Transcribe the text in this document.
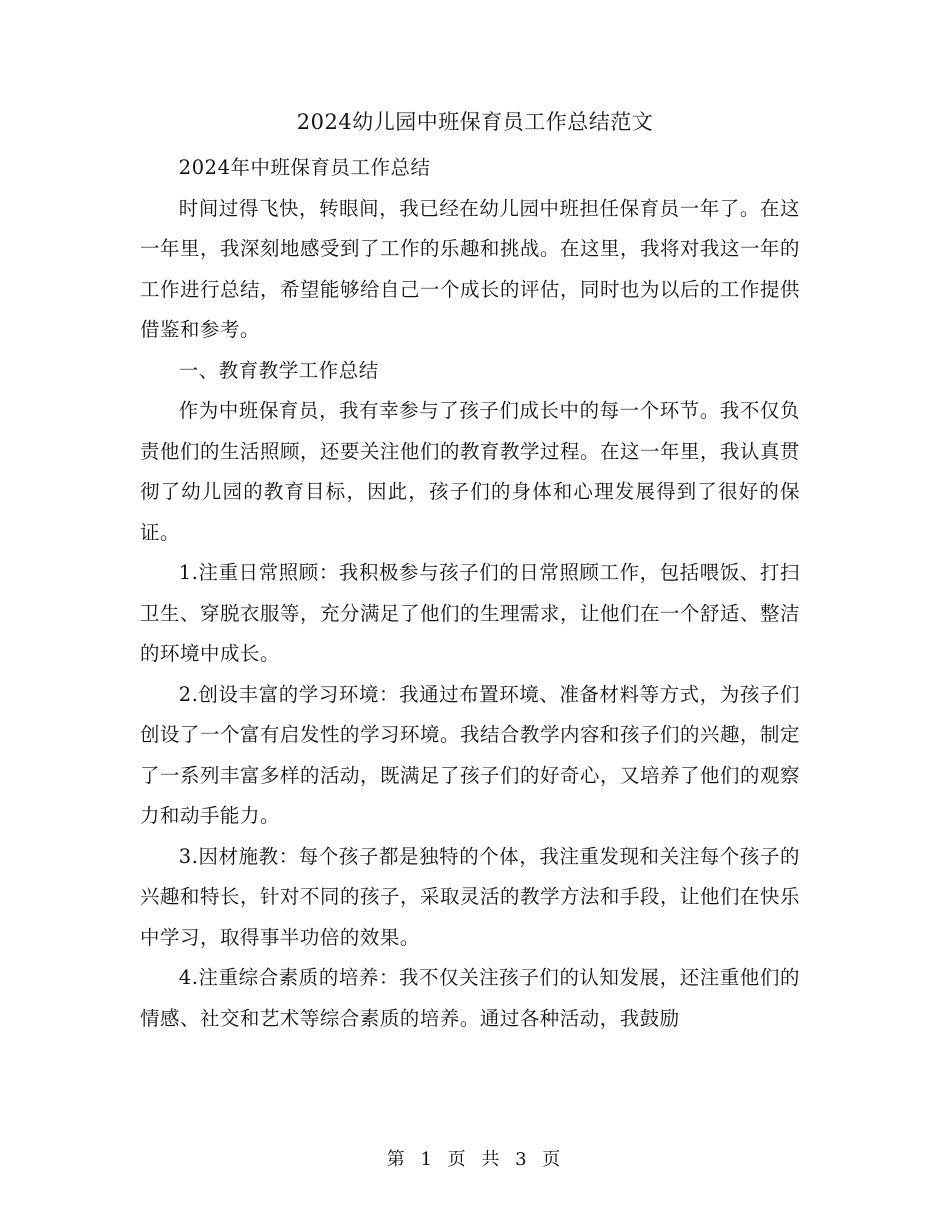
2024幼儿园中班保育员工作总结范文

2024年中班保育员工作总结

时间过得飞快，转眼间，我已经在幼儿园中班担任保育员一年了。在这一年里，我深刻地感受到了工作的乐趣和挑战。在这里，我将对我这一年的工作进行总结，希望能够给自己一个成长的评估，同时也为以后的工作提供借鉴和参考。

一、教育教学工作总结

作为中班保育员，我有幸参与了孩子们成长中的每一个环节。我不仅负责他们的生活照顾，还要关注他们的教育教学过程。在这一年里，我认真贯彻了幼儿园的教育目标，因此，孩子们的身体和心理发展得到了很好的保证。

1.注重日常照顾：我积极参与孩子们的日常照顾工作，包括喂饭、打扫卫生、穿脱衣服等，充分满足了他们的生理需求，让他们在一个舒适、整洁的环境中成长。

2.创设丰富的学习环境：我通过布置环境、准备材料等方式，为孩子们创设了一个富有启发性的学习环境。我结合教学内容和孩子们的兴趣，制定了一系列丰富多样的活动，既满足了孩子们的好奇心，又培养了他们的观察力和动手能力。

3.因材施教：每个孩子都是独特的个体，我注重发现和关注每个孩子的兴趣和特长，针对不同的孩子，采取灵活的教学方法和手段，让他们在快乐中学习，取得事半功倍的效果。

4.注重综合素质的培养：我不仅关注孩子们的认知发展，还注重他们的情感、社交和艺术等综合素质的培养。通过各种活动，我鼓励

第 1 页 共 3 页
